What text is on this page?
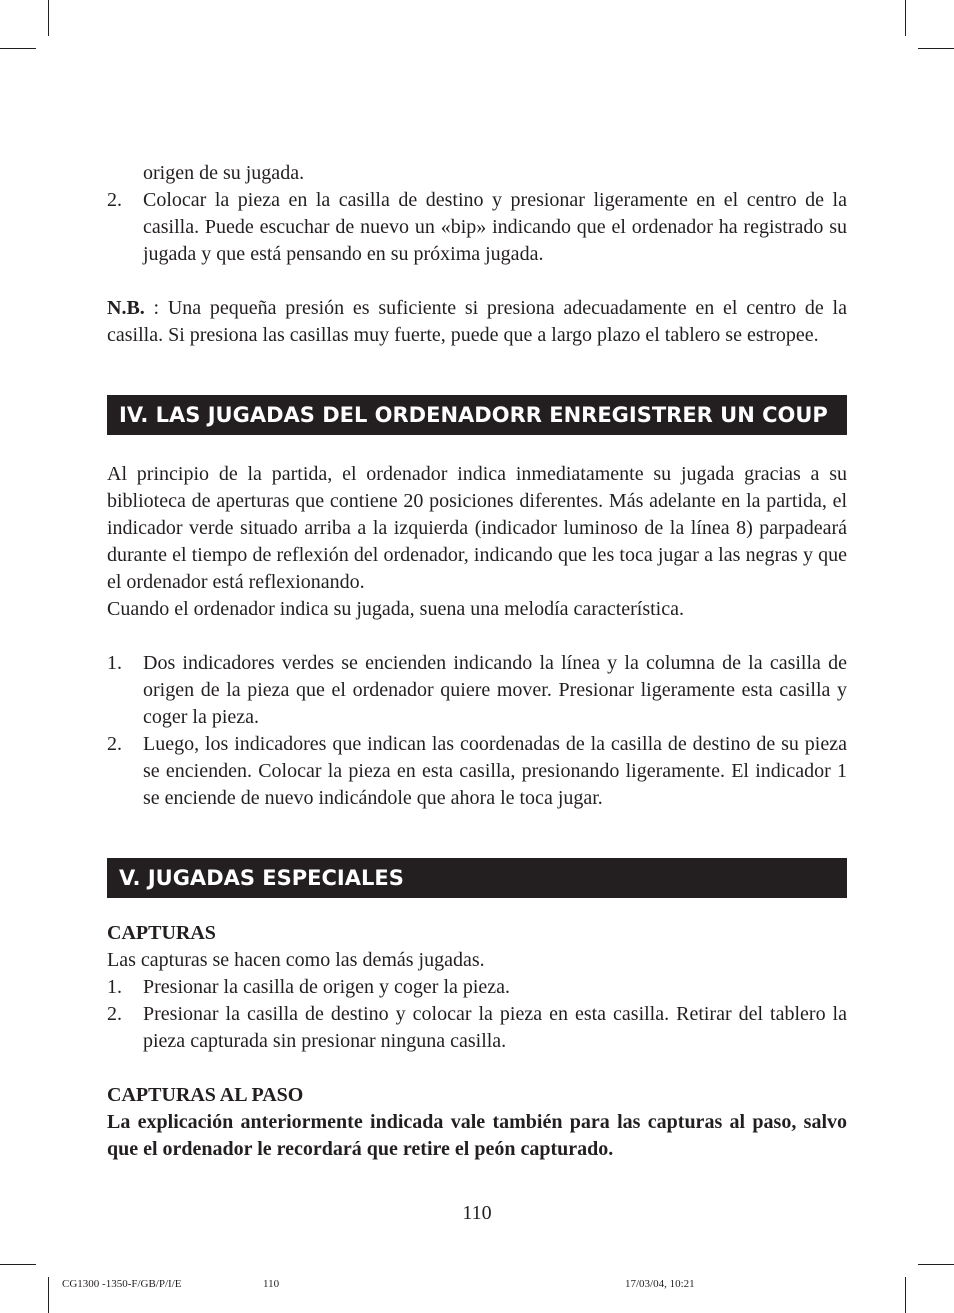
origen de su jugada.

2. Colocar la pieza en la casilla de destino y presionar ligeramente en el centro de la casilla. Puede escuchar de nuevo un «bip» indicando que el ordenador ha registrado su jugada y que está pensando en su próxima jugada.

N.B. : Una pequeña presión es suficiente si presiona adecuadamente en el centro de la casilla. Si presiona las casillas muy fuerte, puede que a largo plazo el tablero se estropee.

IV. LAS JUGADAS DEL ORDENADORR ENREGISTRER UN COUP

Al principio de la partida, el ordenador indica inmediatamente su jugada gracias a su biblioteca de aperturas que contiene 20 posiciones diferentes. Más adelante en la partida, el indicador verde situado arriba a la izquierda (indicador luminoso de la línea 8) parpadeará durante el tiempo de reflexión del ordenador, indicando que les toca jugar a las negras y que el ordenador está reflexionando.

Cuando el ordenador indica su jugada, suena una melodía característica.

1. Dos indicadores verdes se encienden indicando la línea y la columna de la casilla de origen de la pieza que el ordenador quiere mover. Presionar ligeramente esta casilla y coger la pieza.

2. Luego, los indicadores que indican las coordenadas de la casilla de destino de su pieza se encienden. Colocar la pieza en esta casilla, presionando ligeramente. El indicador 1 se enciende de nuevo indicándole que ahora le toca jugar.

V. JUGADAS ESPECIALES

CAPTURAS

Las capturas se hacen como las demás jugadas.

1. Presionar la casilla de origen y coger la pieza.

2. Presionar la casilla de destino y colocar la pieza en esta casilla. Retirar del tablero la pieza capturada sin presionar ninguna casilla.

CAPTURAS AL PASO

La explicación anteriormente indicada vale también para las capturas al paso, salvo que el ordenador le recordará que retire el peón capturado.

110
CG1300 -1350-F/GB/P/I/E	110	17/03/04, 10:21
